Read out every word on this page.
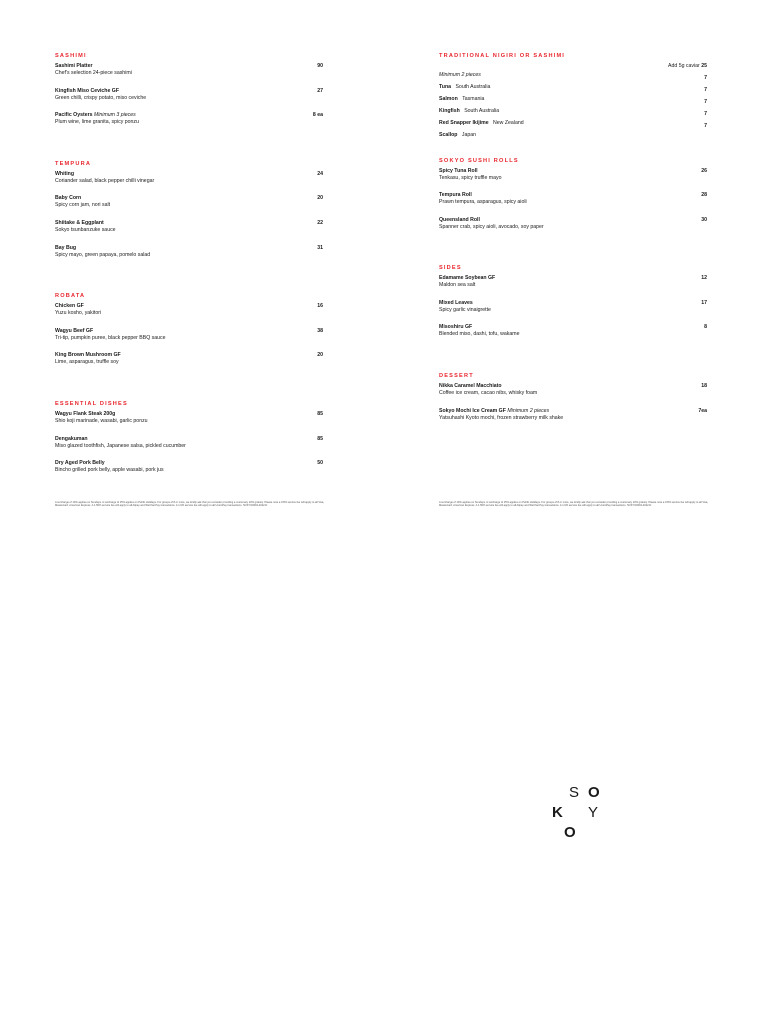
SASHIMI
Sashimi Platter
Chef's selection 24-piece sashimi
90
Kingfish Miso Ceviche GF
Green chilli, crispy potato, miso ceviche
27
Pacific Oysters Minimum 3 pieces
Plum wine, lime granita, spicy ponzu
8 ea
TEMPURA
Whiting
Coriander salad, black pepper chilli vinegar
24
Baby Corn
Spicy corn jam, nori salt
20
Shiitake & Eggplant
Sokyo tsunbanzuke sauce
22
Bay Bug
Spicy mayo, green papaya, pomelo salad
31
ROBATA
Chicken GF
Yuzu kosho, yakitori
16
Wagyu Beef GF
Tri-tip, pumpkin puree, black pepper BBQ sauce
38
King Brown Mushroom GF
Lime, asparagus, truffle soy
20
ESSENTIAL DISHES
Wagyu Flank Steak 200g
Shio koji marinade, wasabi, garlic ponzu
85
Dengakuman
Miso glazed toothfish, Japanese salsa, pickled cucumber
85
Dry Aged Pork Belly
Bincho grilled pork belly, apple wasabi, pork jus
50
TRADITIONAL NIGIRI OR SASHIMI
Minimum 2 pieces
Add 5g caviar 25
Tuna South Australia
7
Salmon Tasmania
7
Kingfish South Australia
7
Red Snapper Ikijime New Zealand
7
Scallop Japan
7
SOKYO SUSHI ROLLS
Spicy Tuna Roll
Tenkasu, spicy truffle mayo
26
Tempura Roll
Prawn tempura, asparagus, spicy aioli
28
Queensland Roll
Spanner crab, spicy aioli, avocado, soy paper
30
SIDES
Edamame Soybean GF
Maldon sea salt
12
Mixed Leaves
Spicy garlic vinaigrette
17
Misoshiru GF
Blended miso, dashi, tofu, wakame
8
DESSERT
Nikka Caramel Macchiato
Coffee ice cream, cacao nibs, whisky foam
18
Sokyo Mochi Ice Cream GF Minimum 2 pieces
Yatsuhashi Kyoto mochi, frozen strawberry milk shake
7ea
A surcharge of 10% applies on Sundays. A surcharge of 15% applies on Public Holidays. For groups of 8 or more, we kindly ask that you consider providing a customary 10% gratuity. Please note a 0.8% service fee will apply to all Visa, Mastercard, American Express. A 1.56% service fee will apply to all Alipay and WeChat Pay transactions. A 1.6% service fee will apply to all UnionPay transactions. SOKYO0604-2022-D
A surcharge of 10% applies on Sundays. A surcharge of 15% applies on Public Holidays. For groups of 8 or more, we kindly ask that you consider providing a customary 10% gratuity. Please note a 0.8% service fee will apply to all Visa, Mastercard, American Express. A 1.56% service fee will apply to all Alipay and WeChat Pay transactions. A 1.6% service fee will apply to all UnionPay transactions. SOKYO0604-2022-D
S O
K Y
O
